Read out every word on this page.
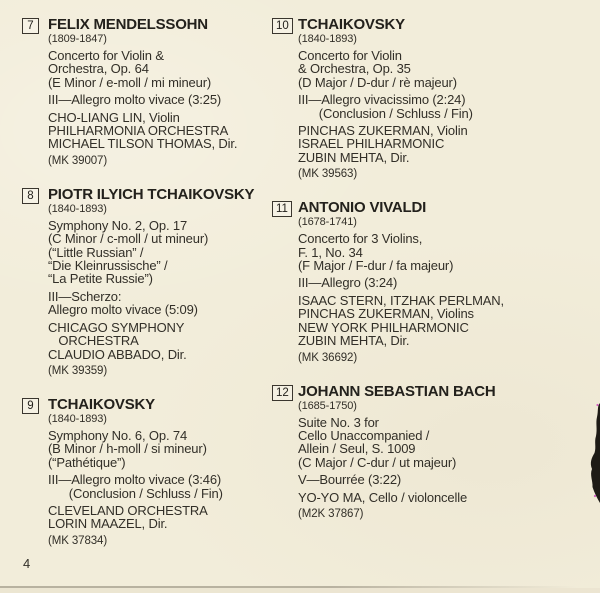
7 FELIX MENDELSSOHN
(1809-1847)
Concerto for Violin &
Orchestra, Op. 64
(E Minor / e-moll / mi mineur)
III—Allegro molto vivace (3:25)
CHO-LIANG LIN, Violin
PHILHARMONIA ORCHESTRA
MICHAEL TILSON THOMAS, Dir.
(MK 39007)
8 PIOTR ILYICH TCHAIKOVSKY
(1840-1893)
Symphony No. 2, Op. 17
(C Minor / c-moll / ut mineur)
(“Little Russian” /
“Die Kleinrussische” /
“La Petite Russie”)
III—Scherzo:
Allegro molto vivace (5:09)
CHICAGO SYMPHONY
ORCHESTRA
CLAUDIO ABBADO, Dir.
(MK 39359)
9 TCHAIKOVSKY
(1840-1893)
Symphony No. 6, Op. 74
(B Minor / h-moll / si mineur)
(“Pathétique”)
III—Allegro molto vivace (3:46)
(Conclusion / Schluss / Fin)
CLEVELAND ORCHESTRA
LORIN MAAZEL, Dir.
(MK 37834)
10 TCHAIKOVSKY
(1840-1893)
Concerto for Violin
& Orchestra, Op. 35
(D Major / D-dur / rè majeur)
III—Allegro vivacissimo (2:24)
(Conclusion / Schluss / Fin)
PINCHAS ZUKERMAN, Violin
ISRAEL PHILHARMONIC
ZUBIN MEHTA, Dir.
(MK 39563)
11 ANTONIO VIVALDI
(1678-1741)
Concerto for 3 Violins,
F. 1, No. 34
(F Major / F-dur / fa majeur)
III—Allegro (3:24)
ISAAC STERN, ITZHAK PERLMAN,
PINCHAS ZUKERMAN, Violins
NEW YORK PHILHARMONIC
ZUBIN MEHTA, Dir.
(MK 36692)
12 JOHANN SEBASTIAN BACH
(1685-1750)
Suite No. 3 for
Cello Unaccompanied /
Allein / Seul, S. 1009
(C Major / C-dur / ut majeur)
V—Bourrée (3:22)
YO-YO MA, Cello / violoncelle
(M2K 37867)
4
